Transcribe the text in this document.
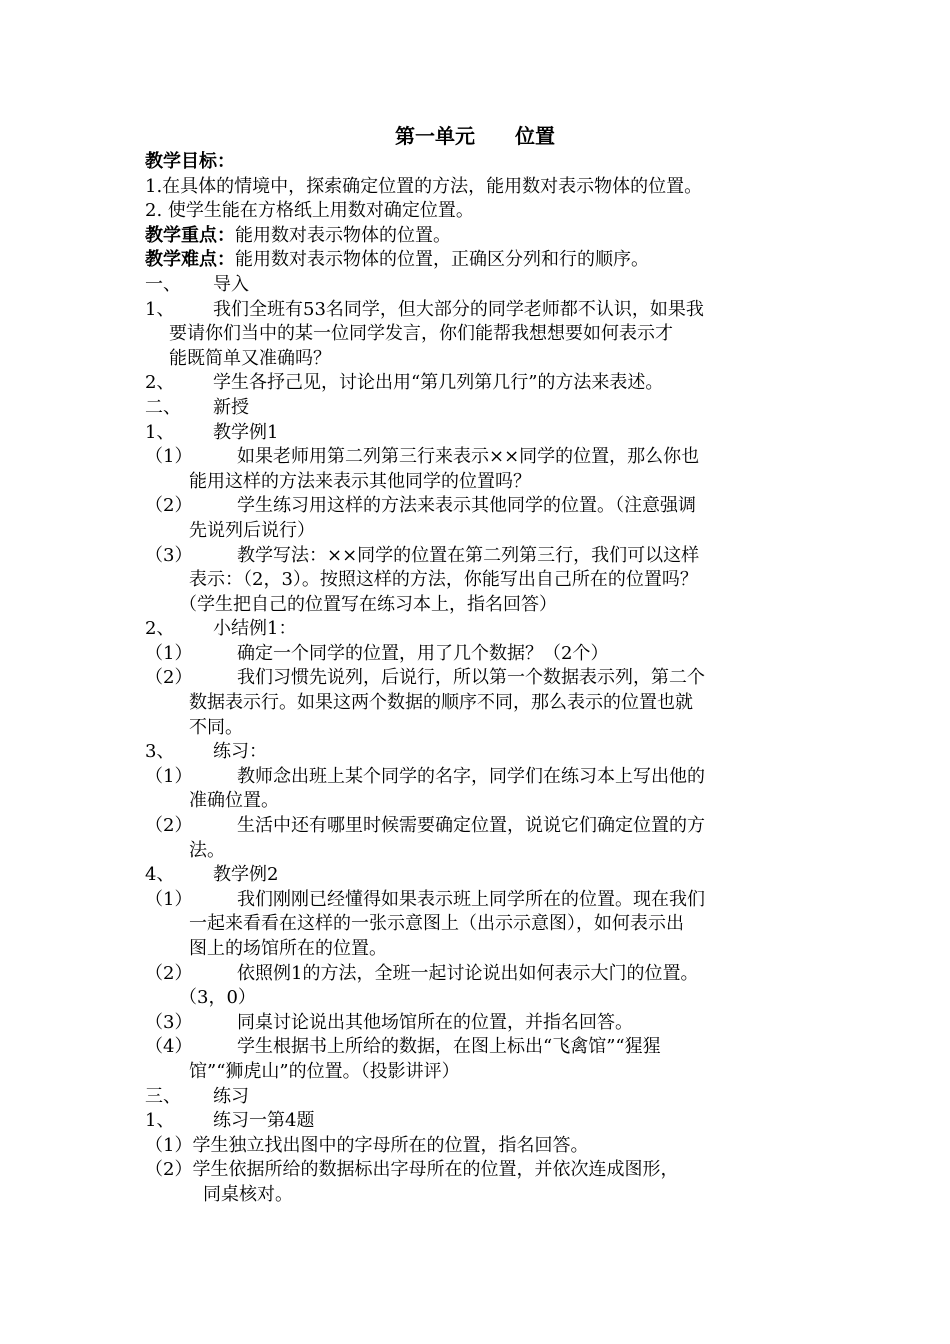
第一单元 位置
教学目标：
1.在具体的情境中，探索确定位置的方法，能用数对表示物体的位置。
2. 使学生能在方格纸上用数对确定位置。
教学重点：能用数对表示物体的位置。
教学难点：能用数对表示物体的位置，正确区分列和行的顺序。
一、 导入
1、 我们全班有53名同学，但大部分的同学老师都不认识，如果我
要请你们当中的某一位同学发言，你们能帮我想想要如何表示才
能既简单又准确吗？
2、 学生各抒己见，讨论出用“第几列第几行”的方法来表述。
二、 新授
1、 教学例1
（1） 如果老师用第二列第三行来表示××同学的位置，那么你也
能用这样的方法来表示其他同学的位置吗？
（2） 学生练习用这样的方法来表示其他同学的位置。（注意强调
先说列后说行）
（3） 教学写法：××同学的位置在第二列第三行，我们可以这样
表示：（2，3）。按照这样的方法，你能写出自己所在的位置吗？
（学生把自己的位置写在练习本上，指名回答）
2、 小结例1：
（1） 确定一个同学的位置，用了几个数据？（2个）
（2） 我们习惯先说列，后说行，所以第一个数据表示列，第二个
数据表示行。如果这两个数据的顺序不同，那么表示的位置也就
不同。
3、 练习：
（1） 教师念出班上某个同学的名字，同学们在练习本上写出他的
准确位置。
（2） 生活中还有哪里时候需要确定位置，说说它们确定位置的方
法。
4、 教学例2
（1） 我们刚刚已经懂得如果表示班上同学所在的位置。现在我们
一起来看看在这样的一张示意图上（出示示意图），如何表示出
图上的场馆所在的位置。
（2） 依照例1的方法，全班一起讨论说出如何表示大门的位置。
（3，0）
（3） 同桌讨论说出其他场馆所在的位置，并指名回答。
（4） 学生根据书上所给的数据，在图上标出“飞禽馆”“猩猩
馆”“狮虎山”的位置。（投影讲评）
三、 练习
1、 练习一第4题
（1）学生独立找出图中的字母所在的位置，指名回答。
（2）学生依据所给的数据标出字母所在的位置，并依次连成图形，
同桌核对。
